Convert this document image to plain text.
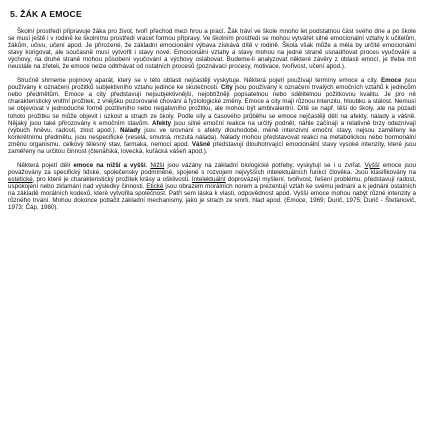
5. ŽÁK A EMOCE

Školní prostředí připravuje žáka pro život, tvoří přechod mezi hrou a prací. Žák tráví ve škole mnoho let podstatnou část svého dne a po škole se musí ještě i v rodině ke školnímu prostředí vracet formou přípravy. Ve školním prostředí se mohou vytvářet silné emocionální vztahy k učitelům, žákům, učivu, učení apod. Je přirozené, že základní emocionální výbava získává dítě v rodině. Škola však může a měla by určité emocionální stavy korigovat, ale současně musí vytvořit i stavy nové. Emocionální vztahy a stavy mohou na jedné straně usnadňovat proces vyučování a výchovy, na druhé straně mohou působení vyučování a výchovy oslabovat. Budeme-li analyzovat některé závěry z oblasti emocí, je třeba mít neustále na zřeteli, že emoce nelze odtrhávat od ostatních procesů (poznávací procesy, motivace, tvořivost, učení apod.).

Stručně shrneme pojmový aparát, který se v této oblasti nejčastěji vyskytuje. Některá pojetí používají termíny emoce a city. Emoce jsou používány k označení prožitků subjektivního vztahu jedince ke skutečnosti. City jsou používány k označení trvalých emočních vztahů k jedincům nebo předmětům. Emoce a city představují nejsubjektivnější, nejobtížněji popsatelnou nebo sdělitelnou požitkovou kvalitu. Je pro ně charakteristický vnitřní prožitek, z vnějšku pozorované chování a fyziologické změny. Emoce a city mají různou intenzitu, hloubku a stálost. Nemusí se objevovat v jednoduché formě pozitivního nebo negativního prožitku, ale mohou být ambivalentní. Dítě se např. těší do školy, ale na pozadí tohoto prožitku se může objevit i úzkost a strach ze školy. Podle síly a časového průběhu se emoce nejčastěji dělí na afekty, nálady a vášně. Nějaký jsou také přirozovány k emočním stavům. Afekty jsou silné emoční reakce na určitý podnět, náhle začínají a relativně brzy odeznívají (výbuch hněvu, radosti, zlost apod.). Nálady jsou ve srovnání s afekty dlouhodobé, méně intenzivní emoční stavy, nejsou zaměřeny ke konkrétnímu předmětu, jsou nespecifické (veselá, smutná, mrzutá nálada). Nálady mohou představovat reakci na metabolickou nebo hormonální změnu organismu, celkový tělesný stav, farmaka, nemoci apod. Vášně představují dlouhotrvající emocionální stavy vysoké intenzity, které jsou zaměřeny na určitou činnost (čtenářská, lovecká, kuřácká vášeň apod.).

Některá pojetí dělí emoce na nižší a vyšší. Nižší jsou vázány na základní biologické potřeby, vyskytují se i u zvířat. Vyšší emoce jsou považovány za specifický lidské, společensky podmíněné, spojené s rozvojem nejvyšších intelektuálních funkcí člověka. Jsou klasifikovány na estetické, pro které je charakteristický prožitek krásy a ošklivosti. Intelektuální doprovázejí myšlení, tvořivost, řešení problému, představují radost, uspokojení nebo zklamání nad výsledky činnosti. Etické jsou obrazem morálních norem a prezentují vztah ke svému jednání a k jednání ostatních na základě morálních kodexů, které vytvořila společnost. Patří sem láska k vlasti, odpovědnost apod. Vyšší emoce mohou nabýt různé intenzity a různého trvání. Mohou dokonce potlačit základní mechanismy, jako je strach ze smrti, hlad apod. (Emoce, 1969; Durič, 1975; Durič - Štefanovič, 1973; Čáp, 1980).
